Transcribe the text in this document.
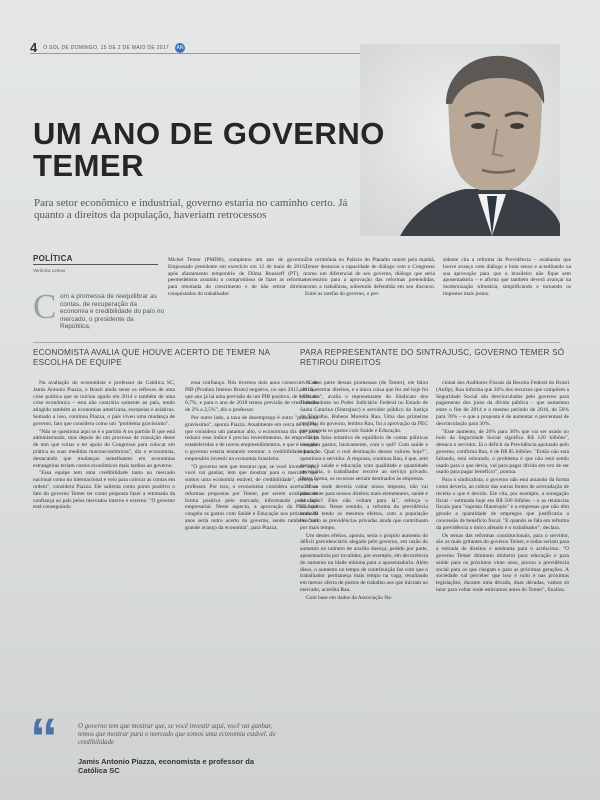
4 O SOL DE DOMINGO, 15 DE 2 DE MAIO DE 2017	AN
UM ANO DE GOVERNO TEMER
Para setor econômico e industrial, governo estaria no caminho certo. Já quanto a direitos da população, haveriam retrocessos
POLÍTICA
Verônica Lemus
C om a promessa de reequilibrar as contas, de recuperação da economia e credibilidade do país no mercado, o presidente da República,
Michel Temer (PMDB), completou um ano de governo. Empossado presidente em exercício em 12 de maio de 2016, após afastamento temporário de Dilma Rousseff (PT), o peemedebista assumiu o compromisso de fazer as reformas para retomada do crescimento e de não retirar direitos conquistados do trabalhador.
Em cerimônia no Palácio do Planalto ontem pela manhã, Temer destacou a capacidade de diálogo com o Congresso como um diferencial de seu governo, diálogo que seria necessário para a aprovação das reformas pretendidas, como a trabalhista, sobretudo defendida em seu discurso. Entre as tarefas do governo, o pre-
sidente cita a reforma da Previdência – avaliando que houve avanço com diálogo e bom senso e acreditando na sua aprovação para que o brasileiro não fique sem aposentadoria – e afirma que também deverá avançar na modernização tributária, simplificando e tornando os impostos mais justos.
ECONOMISTA AVALIA QUE HOUVE ACERTO DE TEMER NA ESCOLHA DE EQUIPE
PARA REPRESENTANTE DO SINTRAJUSC, GOVERNO TEMER SÓ RETIROU DIREITOS

Na avaliação do economista e professor da Católica SC, Jamis Antonio Piazza, o Brasil ainda sente os reflexos de uma crise política que se iniciou agudo em 2014 e também de uma crise econômica – esta não contrária somente ao país, tendo atingido também as economias americana, europeias e asiáticas. Somado a isso, continua Piazza, o país viveu uma mudança de governo, fato que considera como um "problema gravíssimo".

"Não se questiona aqui se é o partido A ou partido B que está administrando, mas depois de um processo de transição desse de tem que voltar a ter apoio do Congresso para colocar em prática as suas medidas macroeconômicas", diz o economista, destacando que mudanças semelhantes em economias estrangeiras teriam custos econômicos mais tardios ao governo.

"Essa equipe tem uma credibilidade tanto no mercado nacional como no internacional e veio para colocar as contas em ordem", considera Piazza. Ele salienta como ponto positivo o fato do governo Temer ter como proposta fazer a retomada da confiança ao país pelos mercados interno e externo. "O governo está conseguindo

essa confiança. Nós tivemos dois anos consecutivos de PIB (Produto Interno Bruto) negativo, no ano 2015, 2016, e que ano já há uma previsão de um PIB positivo, de 0,5% até 0,7%, e para o ano de 2018 temos previsão de crescimento de 2% a 2,5%", diz o professor.

Por outro lado, a taxa de desemprego é outro "problema gravíssimo", aponta Piazza. Atualmente em cerca de 13,7%, que considera um patamar alto, o economista diz que para reduzir esse índice é preciso investimentos, de empresas já estabelecidas e de novos empreendimentos, e que é isso que o governo estaria tentando retomar: a credibilidade para o empresário investir na economia brasileira.

"O governo tem que mostrar que, se você investir aqui, você vai ganhar, tem que mostrar para o mercado que somos uma economia estável, de credibilidade", reforça o professor. Por isso, o economista considera acertadas as reformas propostas por Temer, por serem avaliadas de forma positiva pelo mercado, informando pelo fato empresarial. Neste aspecto, a aprovação da PEC que congela os gastos com Saúde e Educação nos próximos 20 anos seria outro acerto do governo, sendo também "um grande avanço da economia", para Piazza.

"Como parte dessas promessas (de Temer), ele falou em não retirar direitos, e a única coisa que fez até hoje foi retirá-los", avalia o representante do Sindicato dos Trabalhadores no Poder Judiciário Federal no Estado de Santa Catarina (Sintrajusc) e servidor público da Justiça do Trabalho, Rubens Moreira Rau. Uma das primeiras medidas do governo, lembra Rau, foi a aprovação da PEC que congela os gastos com Saúde e Educação.

"Uma falsa tentativa de equilíbrio de contas públicas congelou gastos, basicamente, com o quê? Com saúde e educação. Qual o real destinação desses valores hoje?", questiona o servidor. A resposta, continua Rau, é que, sem acesso à saúde e educação com qualidade e quantidade necessária, o trabalhador recorre ao serviço privado. Desta forma, os recursos seriam destinados às empresas.

"Para onde deveria voltar nosso imposto, não vai justamente para nossos direitos mais elementares, saúde e educação? Eles não voltam para lá", reforça o sindicalista. Nesse sentido, a reforma da previdência acabaria tendo os mesmos efeitos, com a população buscando as previdências privadas ainda que contribuam por mais tempo.

Um destes efeitos, aponta, seria o próprio aumento do déficit previdenciário alegado pelo governo, em razão do aumento no número de auxílio doença, pedido por parte, aposentadoria por invalidez, por exemplo, em decorrência do aumento na idade mínima para a aposentadoria. Além disso, o aumento no tempo de contribuição faz com que o trabalhador permaneça mais tempo na vaga, resultando em menos oferta de postos de trabalho aos que iniciam no mercado, acredita Rau.

Com base em dados da Associação Na-

cional dos Auditores Fiscais da Receita Federal do Brasil (Anfip), Rau informa que 26% dos recursos que compõem a Seguridade Social são desvinculados pelo governo para pagamento dos juros da dívida pública – que aumentou entre o fim de 2014 e o mesmo período de 2016, de 56% para 70% – e que a proposta é de aumentar o percentual de desvinculação para 30%.

"Esse aumento, de 20% para 30% que vai ser usado no bolo da Seguridade Social significa R$ 120 bilhões", destaca o servidor. Já o déficit da Previdência apontado pelo governo, confirma Rau, é de R$ 85 bilhões. "Então não está faltando, está sobrando, o problema é que não está sendo usado para o que devia, vai para pagar dívida em vez de ser usado para pagar benefício", pontua.

Para o sindicalista, o governo não está atuando da forma como deveria, ao cobrar das outras fontes de arrecadação de receita o que é devido. Ele cita, por exemplo, a sonegação fiscal – estimada hoje em R$ 500 bilhões – e as renúncias fiscais para "suposta filantropia" e a empresas que não têm gerado a quantidade de empregos que justificaria a concessão de benefício fiscal. "E quando se fala em reforma da previdência o único afetado é o trabalhador", declara.

Os temas das reformas constitucionais, para o servidor, são os mais gritantes do governo Temer, e todas seriam para a retirada de direitos e nenhuma para o acréscimo. "O governo Temer diminuiu dinheiro para educação e para saúde para os próximos vinte anos, piorou a previdência social para os que chegam e para as próximas gerações. A sociedade vai perceber que isso é ruim e nas próximas legislações, durante uma década, duas décadas, vamos só lutar para voltar onde estávamos antes do Temer", finaliza.

“	O governo tem que mostrar que, se você investir aqui, você vai ganhar, temos que mostrar para o mercado que somos uma economia estável, de credibilidade
Jamis Antonio Piazza, economista e professor da Católica SC
